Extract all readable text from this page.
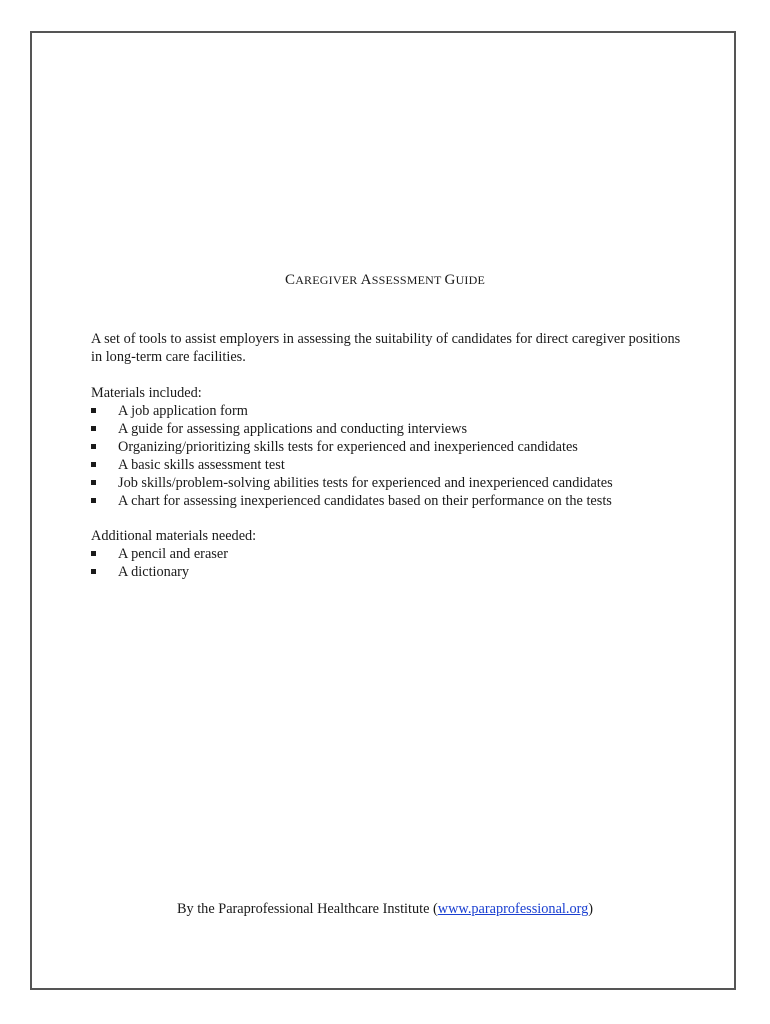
CAREGIVER ASSESSMENT GUIDE

A set of tools to assist employers in assessing the suitability of candidates for direct caregiver positions in long-term care facilities.

Materials included:

A job application form
A guide for assessing applications and conducting interviews
Organizing/prioritizing skills tests for experienced and inexperienced candidates
A basic skills assessment test
Job skills/problem-solving abilities tests for experienced and inexperienced candidates
A chart for assessing inexperienced candidates based on their performance on the tests

Additional materials needed:

A pencil and eraser
A dictionary

By the Paraprofessional Healthcare Institute (www.paraprofessional.org)
